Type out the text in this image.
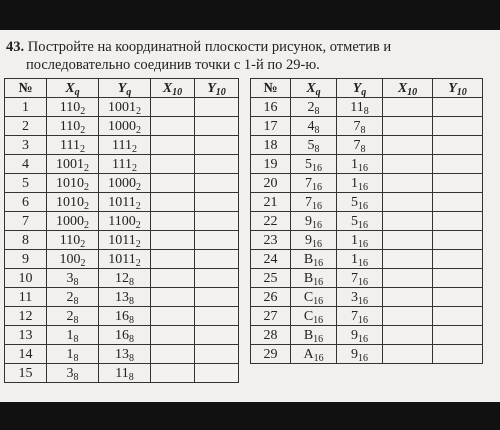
43. Постройте на координатной плоскости рисунок, отметив и
последовательно соединив точки с 1-й по 29-ю.
№	$X_q$	$Y_q$	$X_{10}$	$Y_{10}$
1	$110_2$	$1001_2$		
2	$110_2$	$1000_2$		
3	$111_2$	$111_2$		
4	$1001_2$	$111_2$		
5	$1010_2$	$1000_2$		
6	$1010_2$	$1011_2$		
7	$1000_2$	$1100_2$		
8	$110_2$	$1011_2$		
9	$100_2$	$1011_2$		
10	$3_8$	$12_8$		
11	$2_8$	$13_8$		
12	$2_8$	$16_8$		
13	$1_8$	$16_8$		
14	$1_8$	$13_8$		
15	$3_8$	$11_8$		
№	$X_q$	$Y_q$	$X_{10}$	$Y_{10}$
16	$2_8$	$11_8$		
17	$4_8$	$7_8$		
18	$5_8$	$7_8$		
19	$5_{16}$	$1_{16}$		
20	$7_{16}$	$1_{16}$		
21	$7_{16}$	$5_{16}$		
22	$9_{16}$	$5_{16}$		
23	$9_{16}$	$1_{16}$		
24	$B_{16}$	$1_{16}$		
25	$B_{16}$	$7_{16}$		
26	$C_{16}$	$3_{16}$		
27	$C_{16}$	$7_{16}$		
28	$B_{16}$	$9_{16}$		
29	$A_{16}$	$9_{16}$		
